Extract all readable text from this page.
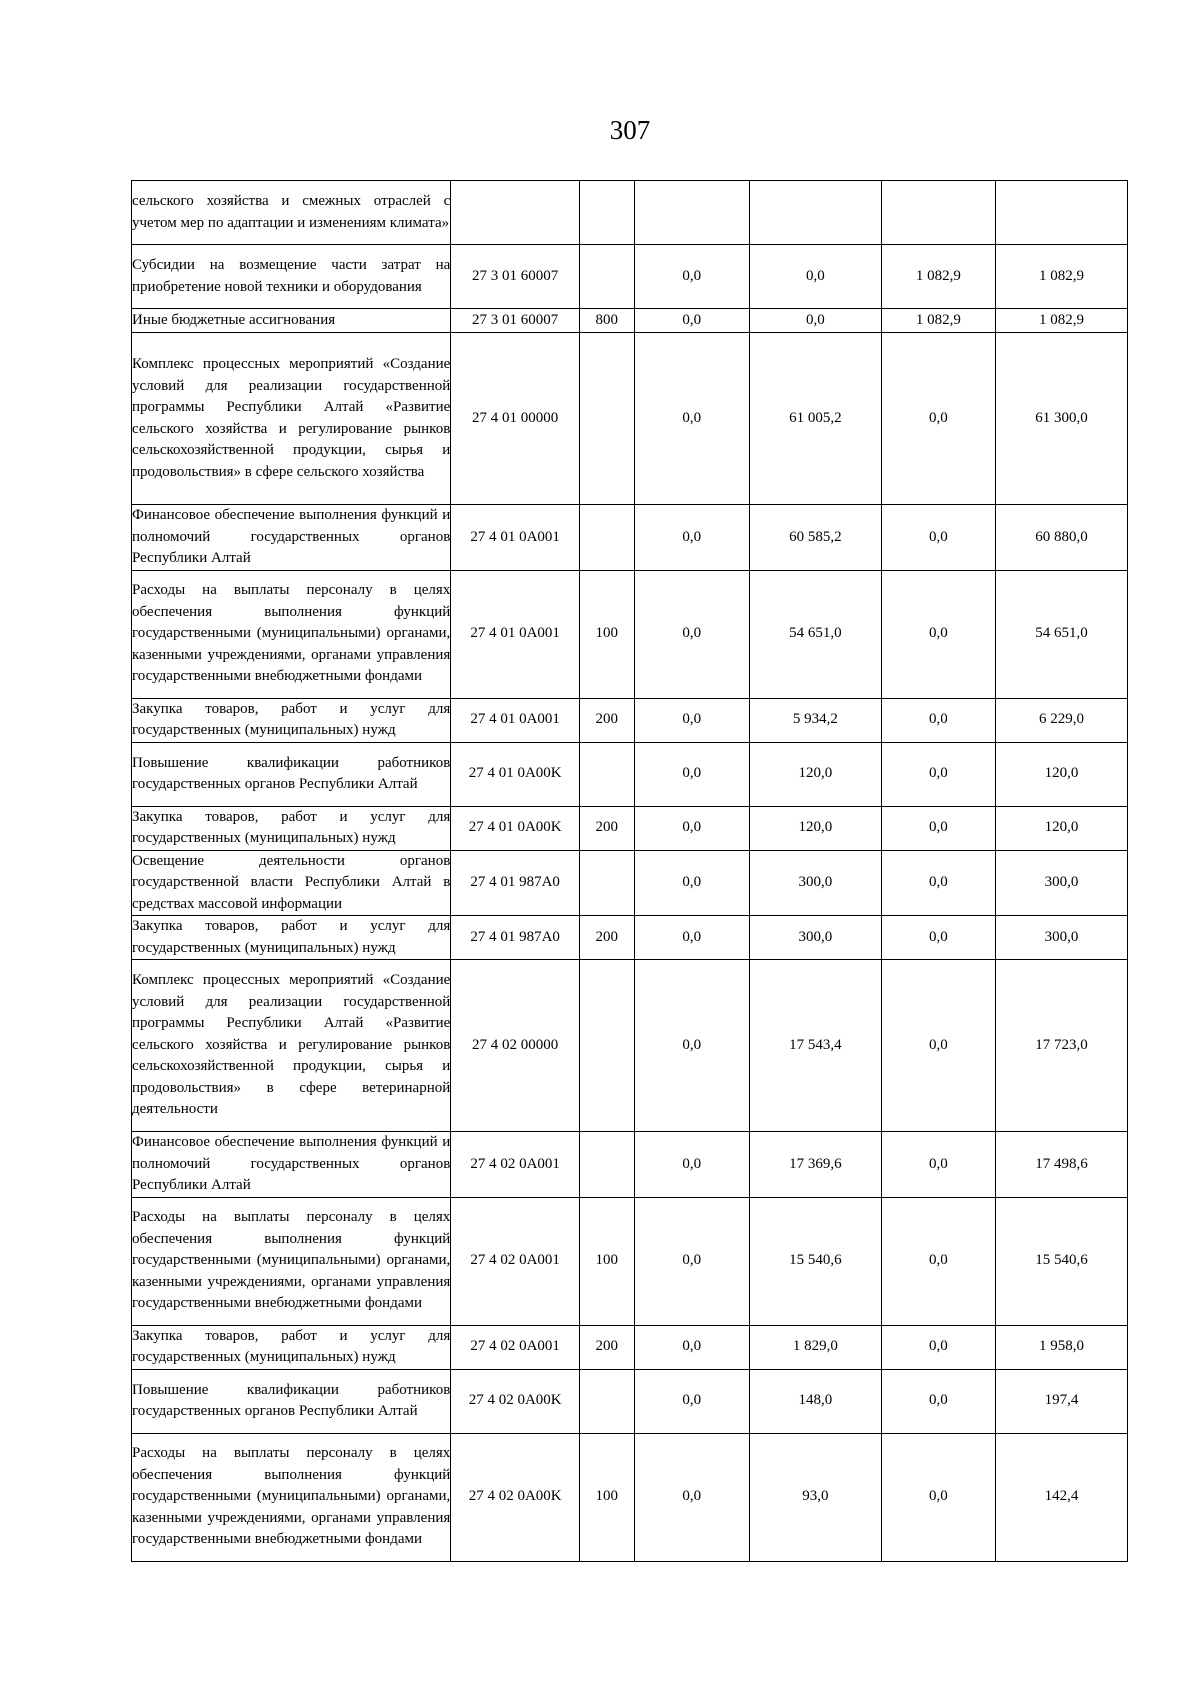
307
сельского хозяйства и смежных отраслей с учетом мер по адаптации и изменениям климата»						
Субсидии на возмещение части затрат на приобретение новой техники и оборудования	27 3 01 60007		0,0	0,0	1 082,9	1 082,9
Иные бюджетные ассигнования	27 3 01 60007	800	0,0	0,0	1 082,9	1 082,9
Комплекс процессных мероприятий «Создание условий для реализации государственной программы Республики Алтай «Развитие сельского хозяйства и регулирование рынков сельскохозяйственной продукции, сырья и продовольствия» в сфере сельского хозяйства	27 4 01 00000		0,0	61 005,2	0,0	61 300,0
Финансовое обеспечение выполнения функций и полномочий государственных органов Республики Алтай	27 4 01 0A001		0,0	60 585,2	0,0	60 880,0
Расходы на выплаты персоналу в целях обеспечения выполнения функций государственными (муниципальными) органами, казенными учреждениями, органами управления государственными внебюджетными фондами	27 4 01 0A001	100	0,0	54 651,0	0,0	54 651,0
Закупка товаров, работ и услуг для государственных (муниципальных) нужд	27 4 01 0A001	200	0,0	5 934,2	0,0	6 229,0
Повышение квалификации работников государственных органов Республики Алтай	27 4 01 0A00K		0,0	120,0	0,0	120,0
Закупка товаров, работ и услуг для государственных (муниципальных) нужд	27 4 01 0A00K	200	0,0	120,0	0,0	120,0
Освещение деятельности органов государственной власти Республики Алтай в средствах массовой информации	27 4 01 987A0		0,0	300,0	0,0	300,0
Закупка товаров, работ и услуг для государственных (муниципальных) нужд	27 4 01 987A0	200	0,0	300,0	0,0	300,0
Комплекс процессных мероприятий «Создание условий для реализации государственной программы Республики Алтай «Развитие сельского хозяйства и регулирование рынков сельскохозяйственной продукции, сырья и продовольствия» в сфере ветеринарной деятельности	27 4 02 00000		0,0	17 543,4	0,0	17 723,0
Финансовое обеспечение выполнения функций и полномочий государственных органов Республики Алтай	27 4 02 0A001		0,0	17 369,6	0,0	17 498,6
Расходы на выплаты персоналу в целях обеспечения выполнения функций государственными (муниципальными) органами, казенными учреждениями, органами управления государственными внебюджетными фондами	27 4 02 0A001	100	0,0	15 540,6	0,0	15 540,6
Закупка товаров, работ и услуг для государственных (муниципальных) нужд	27 4 02 0A001	200	0,0	1 829,0	0,0	1 958,0
Повышение квалификации работников государственных органов Республики Алтай	27 4 02 0A00K		0,0	148,0	0,0	197,4
Расходы на выплаты персоналу в целях обеспечения выполнения функций государственными (муниципальными) органами, казенными учреждениями, органами управления государственными внебюджетными фондами	27 4 02 0A00K	100	0,0	93,0	0,0	142,4
